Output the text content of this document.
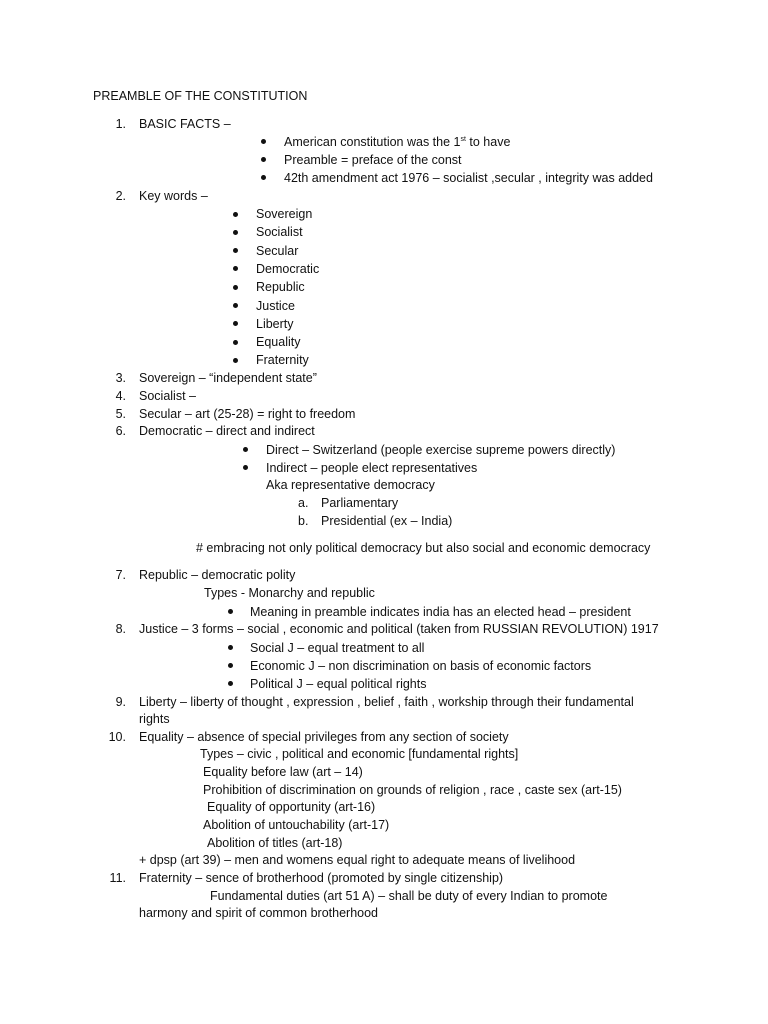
PREAMBLE OF THE CONSTITUTION
1. BASIC FACTS –
American constitution was the 1st to have
Preamble = preface of the const
42th amendment act 1976 – socialist ,secular , integrity was added
2. Key words –
Sovereign
Socialist
Secular
Democratic
Republic
Justice
Liberty
Equality
Fraternity
3. Sovereign – “independent state”
4. Socialist –
5. Secular – art (25-28) = right to freedom
6. Democratic – direct and indirect
Direct – Switzerland (people exercise supreme powers directly)
Indirect – people elect representatives
Aka representative democracy
a. Parliamentary
b. Presidential (ex – India)
# embracing not only political democracy but also social and economic democracy
7. Republic – democratic polity
Types - Monarchy and republic
Meaning in preamble indicates india has an elected head – president
8. Justice – 3 forms – social , economic and political (taken from RUSSIAN REVOLUTION) 1917
Social J – equal treatment to all
Economic J – non discrimination on basis of economic factors
Political J – equal political rights
9. Liberty – liberty of thought , expression , belief , faith , workship through their fundamental
rights
10. Equality – absence of special privileges from any section of society
Types – civic , political and economic [fundamental rights]
Equality before law (art – 14)
Prohibition of discrimination on grounds of religion , race , caste sex (art-15)
Equality of opportunity (art-16)
Abolition of untouchability (art-17)
Abolition of titles (art-18)
+ dpsp (art 39) – men and womens equal right to adequate means of livelihood
11. Fraternity – sence of brotherhood (promoted by single citizenship)
Fundamental duties (art 51 A) – shall be duty of every Indian to promote
harmony and spirit of common brotherhood
